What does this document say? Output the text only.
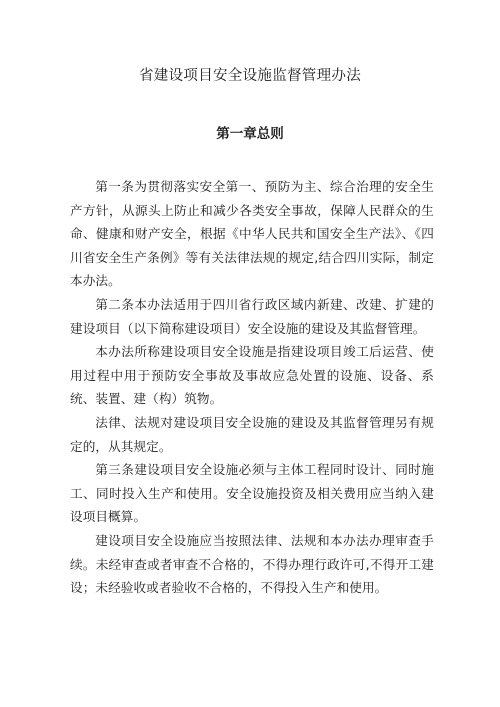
省建设项目安全设施监督管理办法
第一章总则

第一条为贯彻落实安全第一、预防为主、综合治理的安全生产方针，从源头上防止和减少各类安全事故，保障人民群众的生命、健康和财产安全，根据《中华人民共和国安全生产法》、《四川省安全生产条例》等有关法律法规的规定,结合四川实际，制定本办法。

第二条本办法适用于四川省行政区域内新建、改建、扩建的建设项目（以下简称建设项目）安全设施的建设及其监督管理。

本办法所称建设项目安全设施是指建设项目竣工后运营、使用过程中用于预防安全事故及事故应急处置的设施、设备、系统、装置、建（构）筑物。

法律、法规对建设项目安全设施的建设及其监督管理另有规定的，从其规定。

第三条建设项目安全设施必须与主体工程同时设计、同时施工、同时投入生产和使用。安全设施投资及相关费用应当纳入建设项目概算。

建设项目安全设施应当按照法律、法规和本办法办理审查手续。未经审查或者审查不合格的，不得办理行政许可,不得开工建设；未经验收或者验收不合格的，不得投入生产和使用。
